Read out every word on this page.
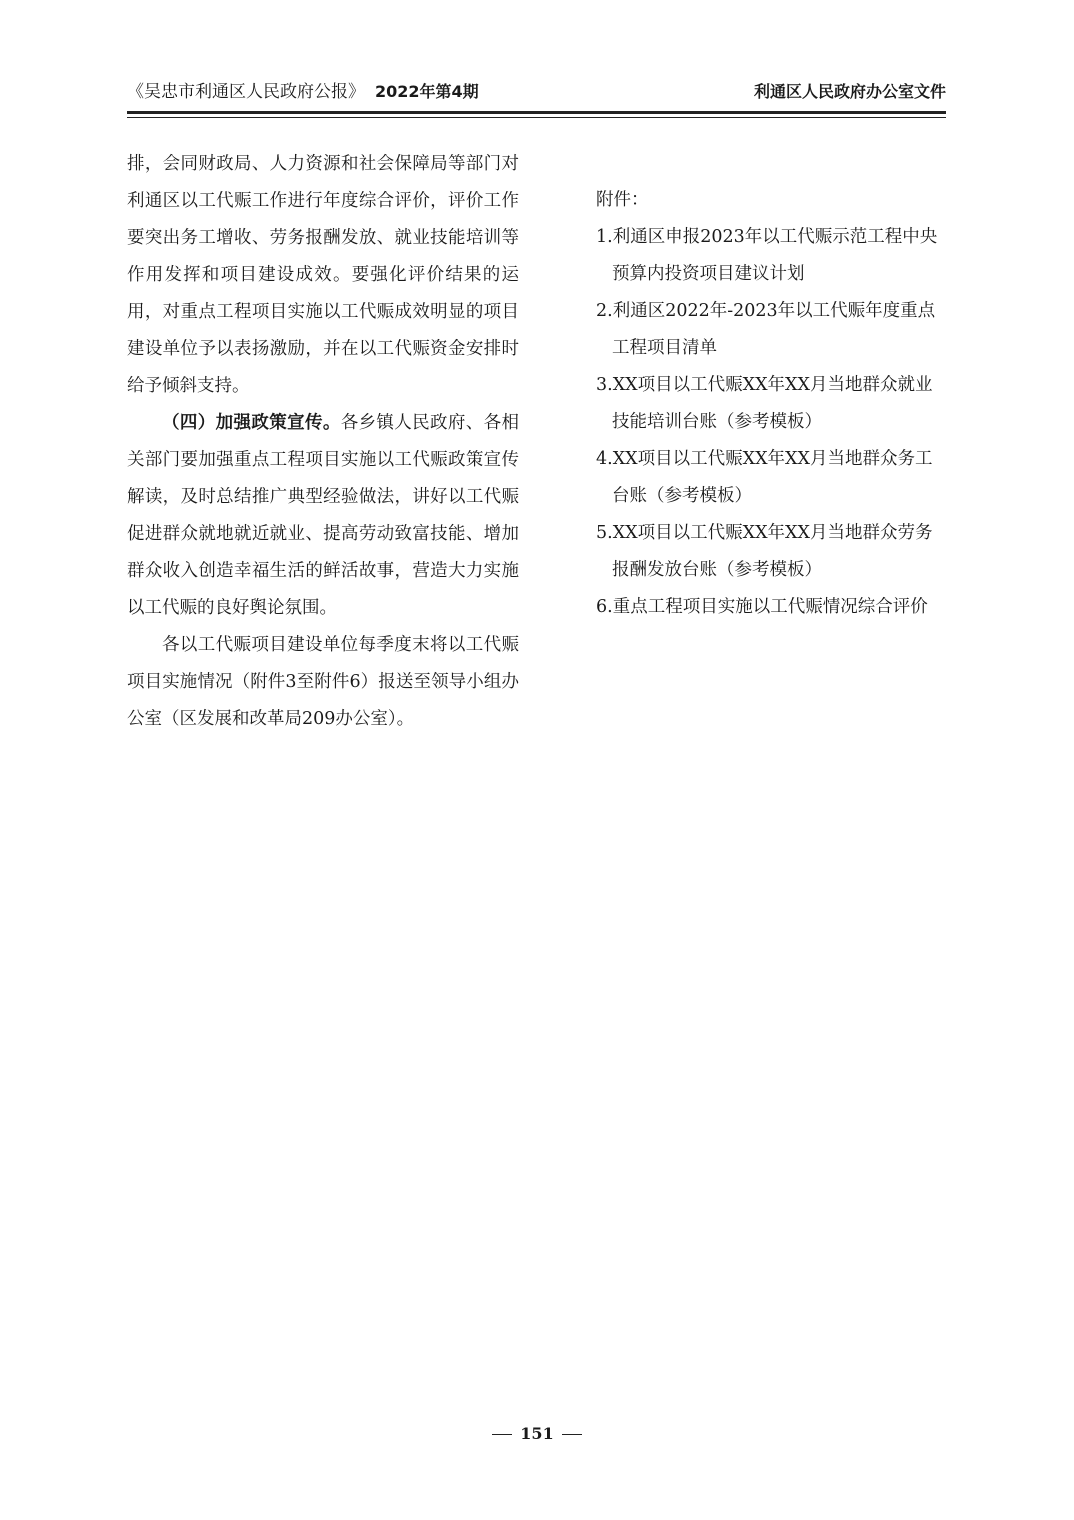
《吴忠市利通区人民政府公报》 2022年第4期	利通区人民政府办公室文件

排，会同财政局、人力资源和社会保障局等部门对利通区以工代赈工作进行年度综合评价，评价工作要突出务工增收、劳务报酬发放、就业技能培训等作用发挥和项目建设成效。要强化评价结果的运用，对重点工程项目实施以工代赈成效明显的项目建设单位予以表扬激励，并在以工代赈资金安排时给予倾斜支持。

（四）加强政策宣传。各乡镇人民政府、各相关部门要加强重点工程项目实施以工代赈政策宣传解读，及时总结推广典型经验做法，讲好以工代赈促进群众就地就近就业、提高劳动致富技能、增加群众收入创造幸福生活的鲜活故事，营造大力实施以工代赈的良好舆论氛围。

各以工代赈项目建设单位每季度末将以工代赈项目实施情况（附件3至附件6）报送至领导小组办公室（区发展和改革局209办公室）。

附件：

1.利通区申报2023年以工代赈示范工程中央预算内投资项目建议计划
2.利通区2022年-2023年以工代赈年度重点工程项目清单
3.XX项目以工代赈XX年XX月当地群众就业技能培训台账（参考模板）
4.XX项目以工代赈XX年XX月当地群众务工台账（参考模板）
5.XX项目以工代赈XX年XX月当地群众劳务报酬发放台账（参考模板）
6.重点工程项目实施以工代赈情况综合评价
151
